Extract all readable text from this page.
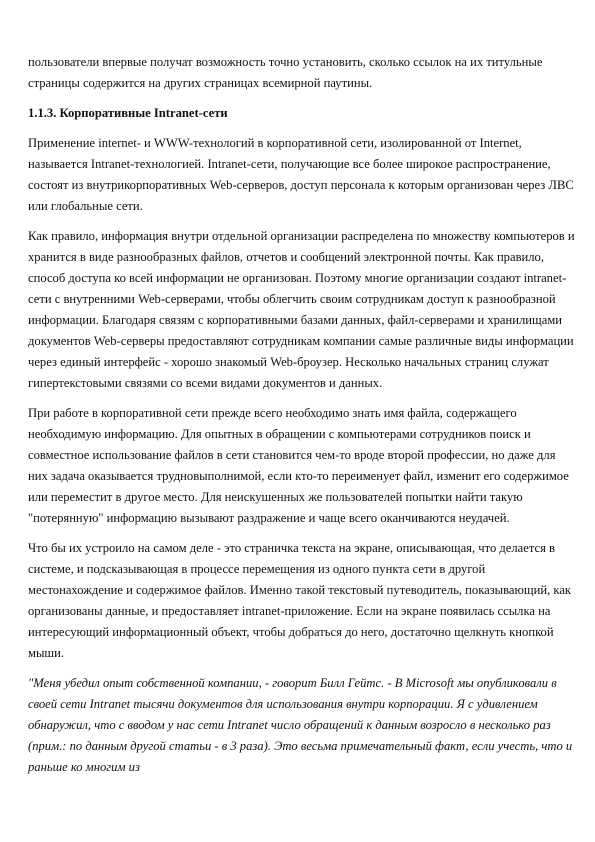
пользователи впервые получат возможность точно установить, сколько ссылок на их титульные страницы содержится на других страницах всемирной паутины.

1.1.3. Корпоративные Intranet-сети

Применение internet- и WWW-технологий в корпоративной сети, изолированной от Internet, называется Intranet-технологией. Intranet-сети, получающие все более широкое распространение, состоят из внутрикорпоративных Web-серверов, доступ персонала к которым организован через ЛВС или глобальные сети.

Как правило, информация внутри отдельной организации распределена по множеству компьютеров и хранится в виде разнообразных файлов, отчетов и сообщений электронной почты. Как правило, способ доступа ко всей информации не организован. Поэтому многие организации создают intranet-сети с внутренними Web-серверами, чтобы облегчить своим сотрудникам доступ к разнообразной информации. Благодаря связям с корпоративными базами данных, файл-серверами и хранилищами документов Web-серверы предоставляют сотрудникам компании самые различные виды информации через единый интерфейс - хорошо знакомый Web-броузер. Несколько начальных страниц служат гипертекстовыми связями со всеми видами документов и данных.

При работе в корпоративной сети прежде всего необходимо знать имя файла, содержащего необходимую информацию. Для опытных в обращении с компьютерами сотрудников поиск и совместное использование файлов в сети становится чем-то вроде второй профессии, но даже для них задача оказывается трудновыполнимой, если кто-то переименует файл, изменит его содержимое или переместит в другое место. Для неискушенных же пользователей попытки найти такую "потерянную" информацию вызывают раздражение и чаще всего оканчиваются неудачей.

Что бы их устроило на самом деле - это страничка текста на экране, описывающая, что делается в системе, и подсказывающая в процессе перемещения из одного пункта сети в другой местонахождение и содержимое файлов. Именно такой текстовый путеводитель, показывающий, как организованы данные, и предоставляет intranet-приложение. Если на экране появилась ссылка на интересующий информационный объект, чтобы добраться до него, достаточно щелкнуть кнопкой мыши.

"Меня убедил опыт собственной компании, - говорит Билл Гейтс. - В Microsoft мы опубликовали в своей сети Intranet тысячи документов для использования внутри корпорации. Я с удивлением обнаружил, что с вводом у нас сети Intranet число обращений к данным возросло в несколько раз (прим.: по данным другой статьи - в 3 раза). Это весьма примечательный факт, если учесть, что и раньше ко многим из
